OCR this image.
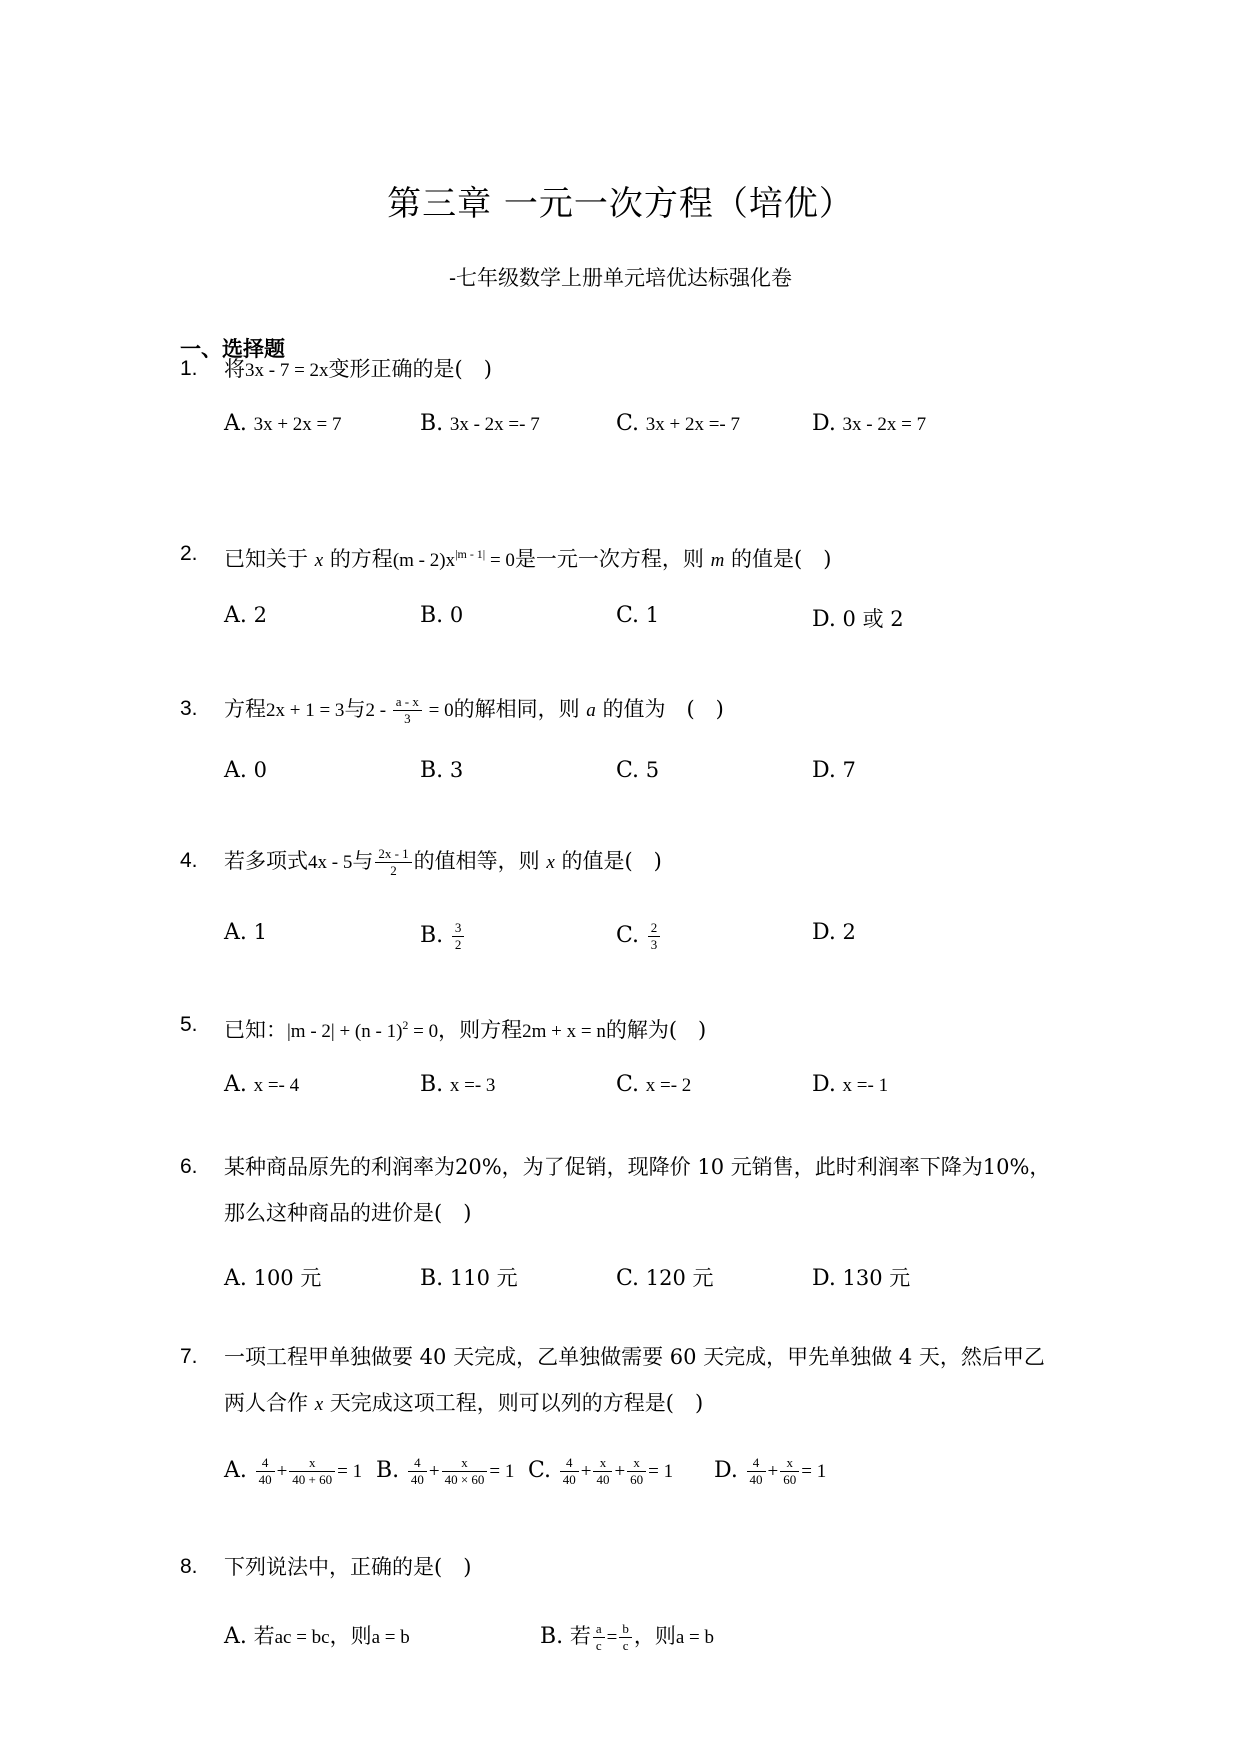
第三章 一元一次方程（培优）
-七年级数学上册单元培优达标强化卷
一、选择题
1.	将3x - 7 = 2x变形正确的是(　)
A. 3x + 2x = 7	B. 3x - 2x =- 7	C. 3x + 2x =- 7	D. 3x - 2x = 7
2.	已知关于 x 的方程$(m - 2)x^{|m - 1|} = 0$是一元一次方程，则 m 的值是(　)
A. 2	B. 0	C. 1	D. 0 或 2
3.	方程2x + 1 = 3与$2 - \frac{a - x}{3} = 0$的解相同，则 a 的值为　(　)
A. 0	B. 3	C. 5	D. 7
4.	若多项式4x - 5与 $\frac{2x - 1}{2}$ 的值相等，则 x 的值是(　)
A. 1	B. $\frac{3}{2}$	C. $\frac{2}{3}$	D. 2
5.	已知：|m - 2| + (n - 1)$^2$ = 0，则方程2m + x = n的解为(　)
A. x =- 4	B. x =- 3	C. x =- 2	D. x =- 1
6.	某种商品原先的利润率为20%，为了促销，现降价 10 元销售，此时利润率下降为10%，
那么这种商品的进价是(　)
A. 100 元	B. 110 元	C. 120 元	D. 130 元
7.	一项工程甲单独做要 40 天完成，乙单独做需要 60 天完成，甲先单独做 4 天，然后甲乙
两人合作 x 天完成这项工程，则可以列的方程是(　)
A. $\frac{4}{40} + \frac{x}{40 + 60} = 1$ B. $\frac{4}{40} + \frac{x}{40 \times 60} = 1$ C. $\frac{4}{40} + \frac{x}{40} + \frac{x}{60} = 1$ D. $\frac{4}{40} + \frac{x}{60} = 1$
8.	下列说法中，正确的是(　)
A. 若ac = bc，则a = b	B. 若 $\frac{a}{c} = \frac{b}{c}$ ，则a = b
